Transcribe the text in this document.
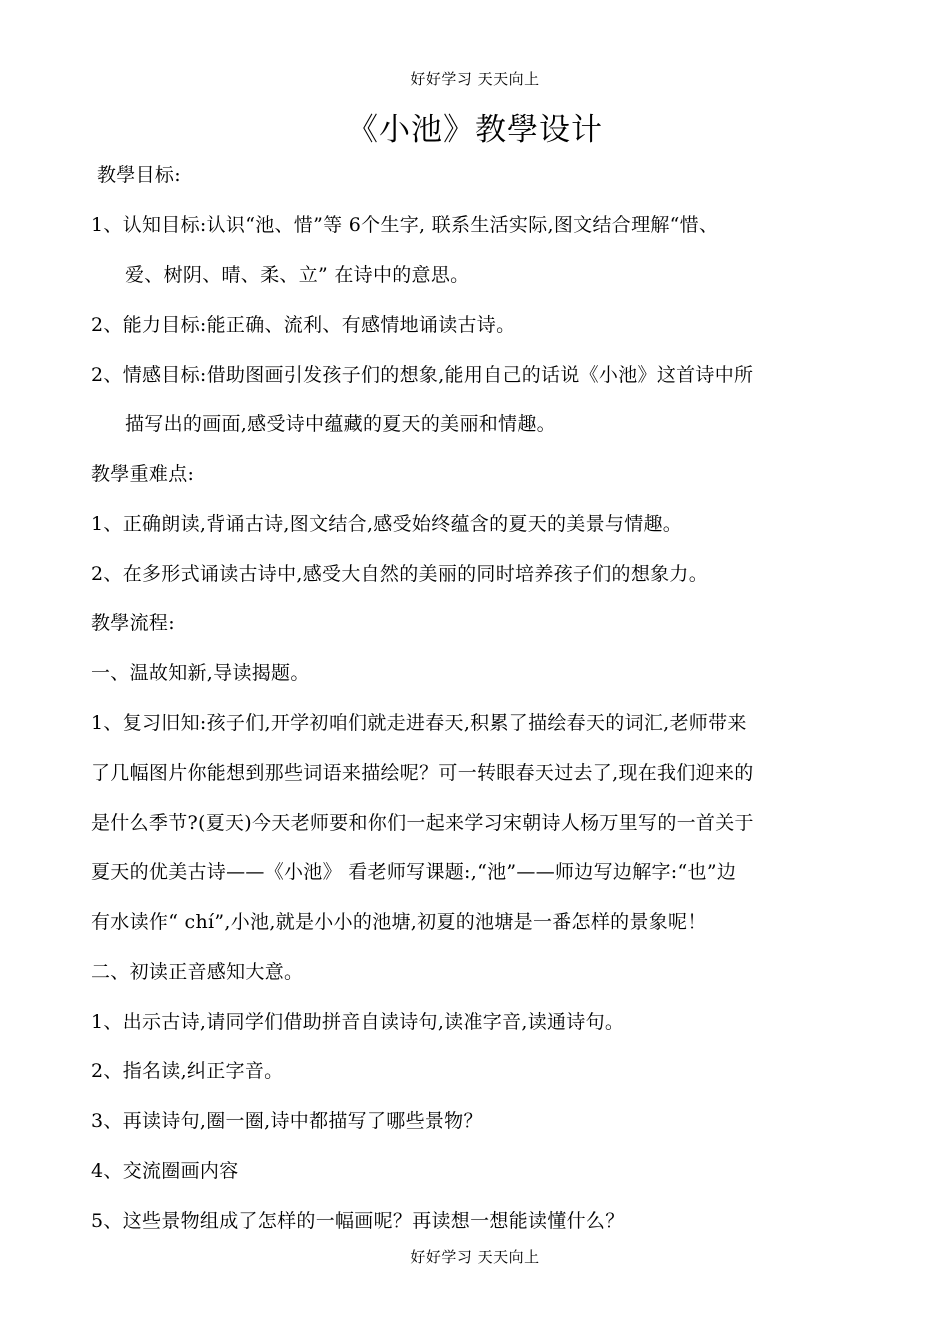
好好学习 天天向上
《小池》教學设计
教學目标:
1、认知目标:认识“池、惜”等 6个生字, 联系生活实际,图文结合理解“惜、
爱、树阴、晴、柔、立” 在诗中的意思。
2、能力目标:能正确、流利、有感情地诵读古诗。
2、情感目标:借助图画引发孩子们的想象,能用自己的话说《小池》这首诗中所
描写出的画面,感受诗中蕴藏的夏天的美丽和情趣。
教學重难点:
1、正确朗读,背诵古诗,图文结合,感受始终蕴含的夏天的美景与情趣。
2、在多形式诵读古诗中,感受大自然的美丽的同时培养孩子们的想象力。
教學流程:
一、温故知新,导读揭题。
1、复习旧知:孩子们,开学初咱们就走进春天,积累了描绘春天的词汇,老师带来
了几幅图片你能想到那些词语来描绘呢？可一转眼春天过去了,现在我们迎来的
是什么季节?(夏天)今天老师要和你们一起来学习宋朝诗人杨万里写的一首关于
夏天的优美古诗——《小池》 看老师写课题:,“池”——师边写边解字:“也”边
有水读作“ chí”,小池,就是小小的池塘,初夏的池塘是一番怎样的景象呢！
二、初读正音感知大意。
1、出示古诗,请同学们借助拼音自读诗句,读准字音,读通诗句。
2、指名读,纠正字音。
3、再读诗句,圈一圈,诗中都描写了哪些景物？
4、交流圈画内容
5、这些景物组成了怎样的一幅画呢？再读想一想能读懂什么？
好好学习 天天向上
